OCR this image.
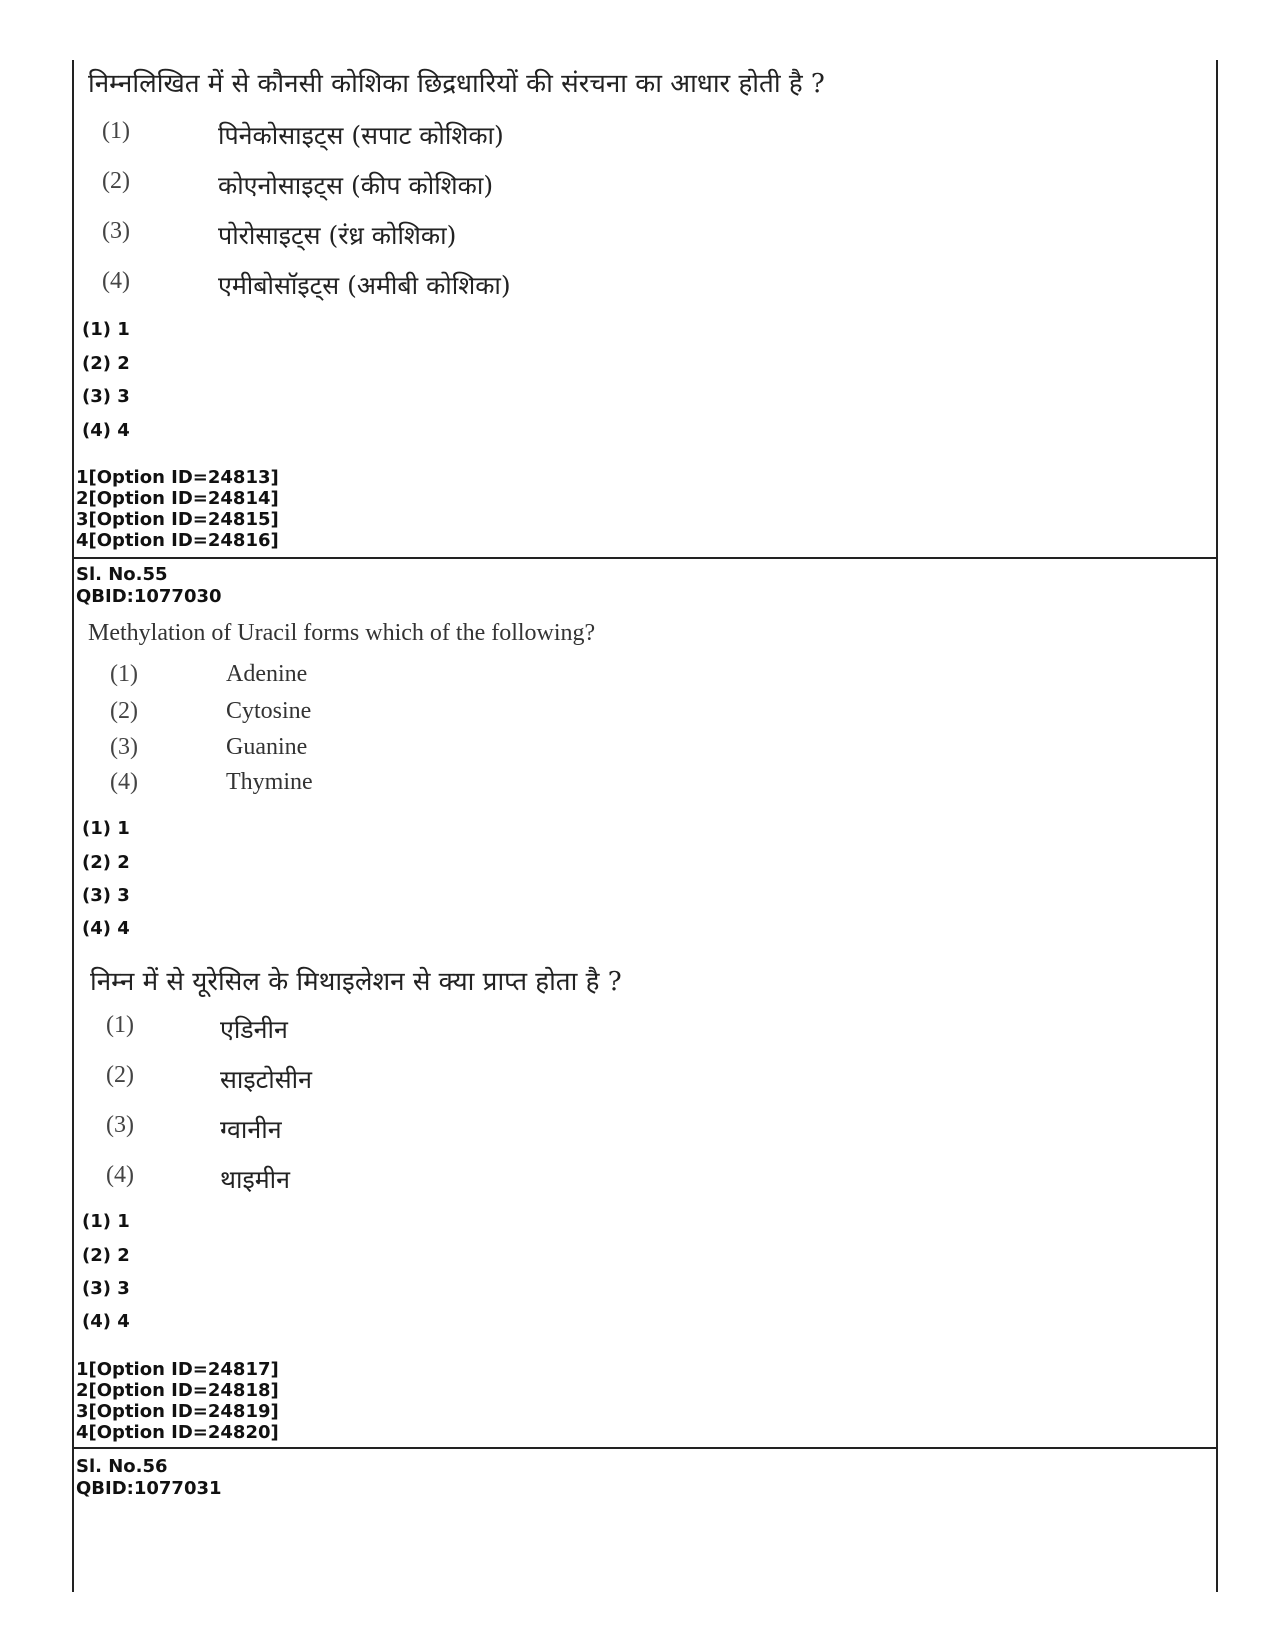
निम्नलिखित में से कौनसी कोशिका छिद्रधारियों की संरचना का आधार होती है ?
(1)	पिनेकोसाइट्स (सपाट कोशिका)
(2)	कोएनोसाइट्स (कीप कोशिका)
(3)	पोरोसाइट्स (रंध्र कोशिका)
(4)	एमीबोसॉइट्स (अमीबी कोशिका)
(1) 1
(2) 2
(3) 3
(4) 4
1[Option ID=24813]
2[Option ID=24814]
3[Option ID=24815]
4[Option ID=24816]
Sl. No.55
QBID:1077030
Methylation of Uracil forms which of the following?
(1)	Adenine
(2)	Cytosine
(3)	Guanine
(4)	Thymine
(1) 1
(2) 2
(3) 3
(4) 4
निम्न में से यूरेसिल के मिथाइलेशन से क्या प्राप्त होता है ?
(1)	एडिनीन
(2)	साइटोसीन
(3)	ग्वानीन
(4)	थाइमीन
(1) 1
(2) 2
(3) 3
(4) 4
1[Option ID=24817]
2[Option ID=24818]
3[Option ID=24819]
4[Option ID=24820]
Sl. No.56
QBID:1077031
